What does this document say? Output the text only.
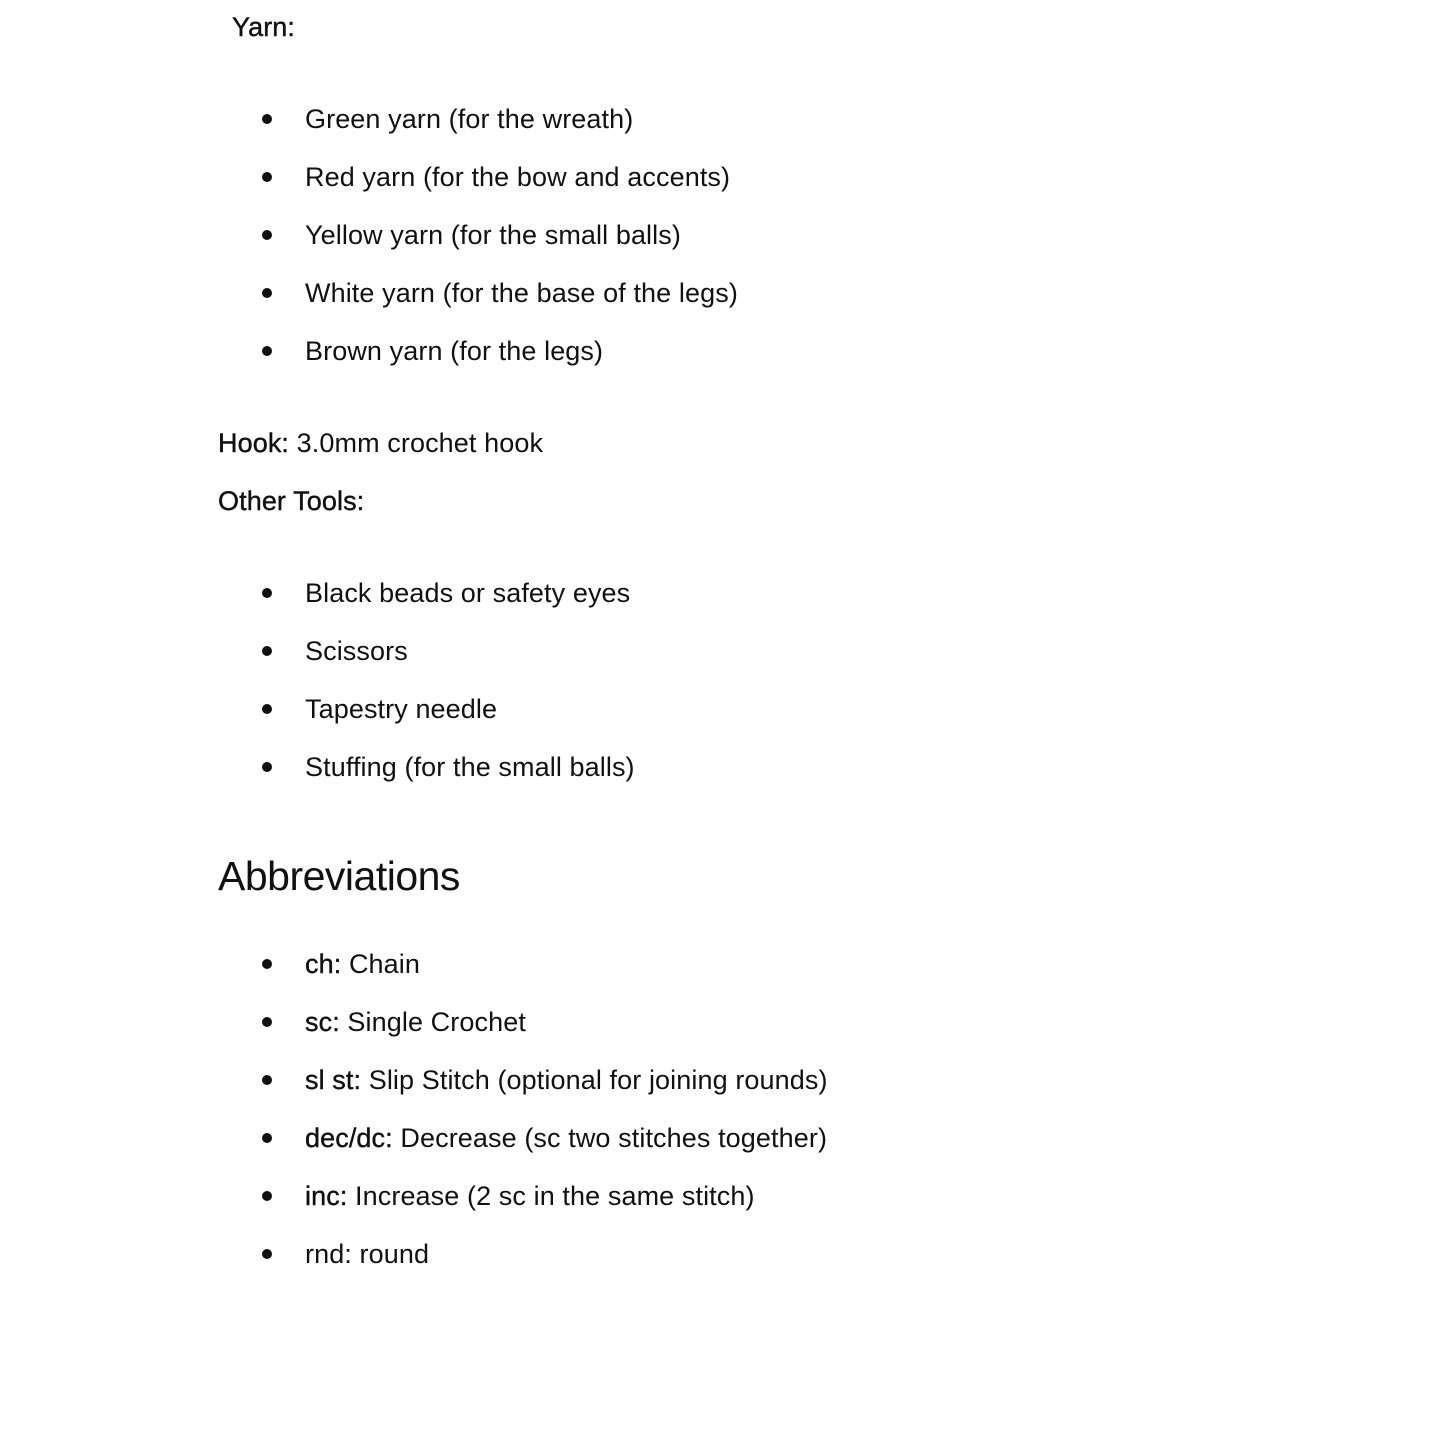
Yarn:
Green yarn (for the wreath)
Red yarn (for the bow and accents)
Yellow yarn (for the small balls)
White yarn (for the base of the legs)
Brown yarn (for the legs)
Hook: 3.0mm crochet hook
Other Tools:
Black beads or safety eyes
Scissors
Tapestry needle
Stuffing (for the small balls)
Abbreviations
ch: Chain
sc: Single Crochet
sl st: Slip Stitch (optional for joining rounds)
dec/dc: Decrease (sc two stitches together)
inc: Increase (2 sc in the same stitch)
rnd: round
